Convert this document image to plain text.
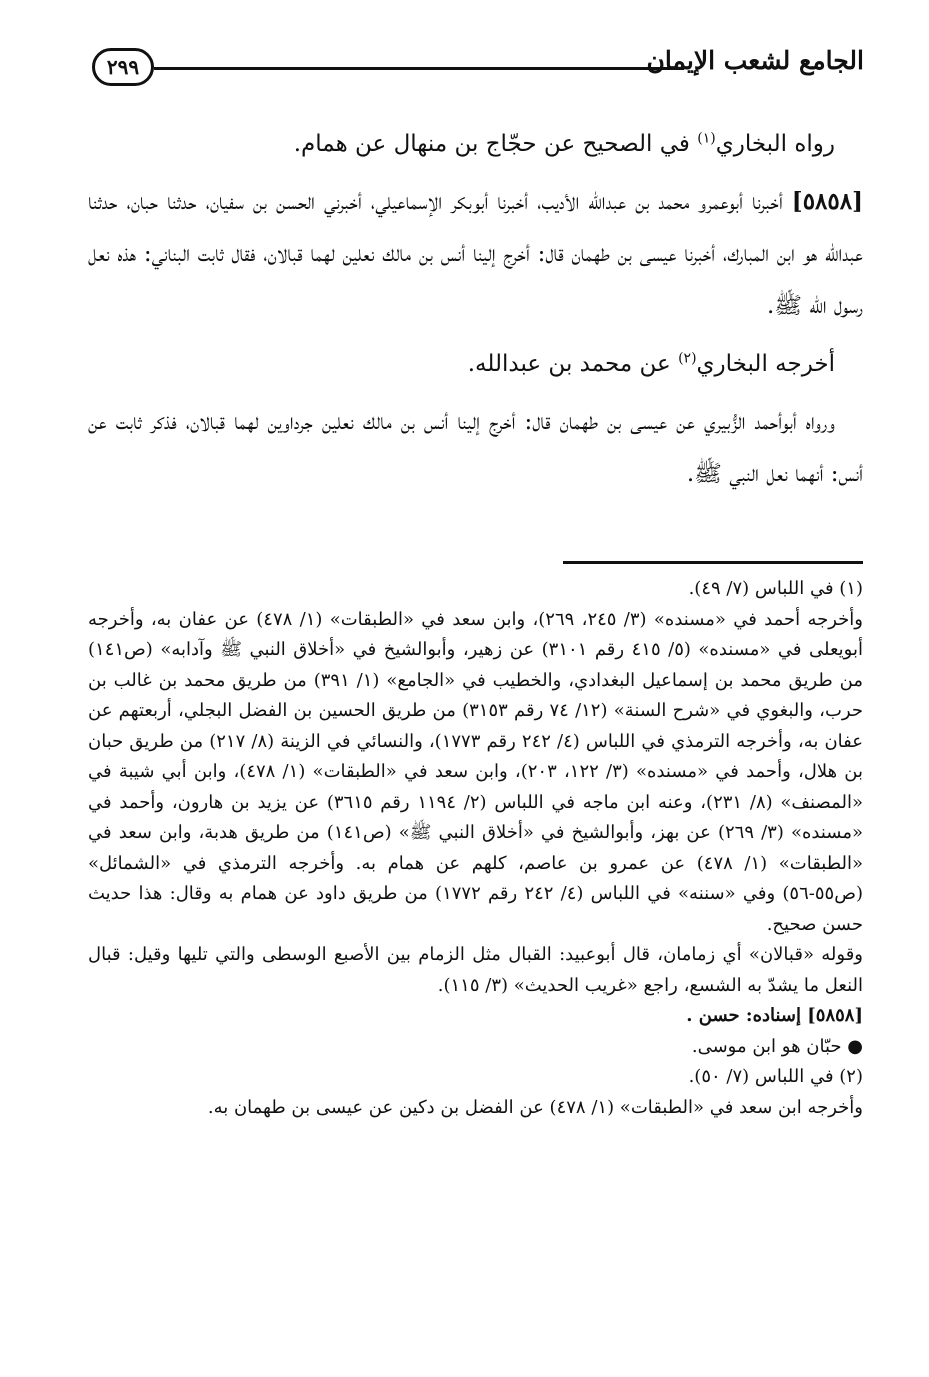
٢٩٩	الجامع لشعب الإيمان

رواه البخاري$^{(١)}$ في الصحيح عن حجّاج بن منهال عن همام.

[٥٨٥٨] أخبرنا أبوعمرو محمد بن عبدالله الأديب، أخبرنا أبوبكر الإسماعيلي، أخبرني الحسن بن سفيان، حدثنا حبان، حدثنا عبدالله هو ابن المبارك، أخبرنا عيسى بن طهمان قال: أخرج إلينا أنس بن مالك نعلين لهما قبالان، فقال ثابت البناني: هذه نعل رسول الله ﷺ.

أخرجه البخاري$^{(٢)}$ عن محمد بن عبدالله.

ورواه أبوأحمد الزُّبيري عن عيسى بن طهمان قال: أخرج إلينا أنس بن مالك نعلين جرداوين لهما قبالان، فذكر ثابت عن أنس: أنهما نعل النبي ﷺ.

(١) في اللباس (٧/ ٤٩).

وأخرجه أحمد في «مسنده» (٣/ ٢٤٥، ٢٦٩)، وابن سعد في «الطبقات» (١/ ٤٧٨) عن عفان به، وأخرجه أبويعلى في «مسنده» (٥/ ٤١٥ رقم ٣١٠١) عن زهير، وأبوالشيخ في «أخلاق النبي ﷺ وآدابه» (ص١٤١) من طريق محمد بن إسماعيل البغدادي، والخطيب في «الجامع» (١/ ٣٩١) من طريق محمد بن غالب بن حرب، والبغوي في «شرح السنة» (١٢/ ٧٤ رقم ٣١٥٣) من طريق الحسين بن الفضل البجلي، أربعتهم عن عفان به، وأخرجه الترمذي في اللباس (٤/ ٢٤٢ رقم ١٧٧٣)، والنسائي في الزينة (٨/ ٢١٧) من طريق حبان بن هلال، وأحمد في «مسنده» (٣/ ١٢٢، ٢٠٣)، وابن سعد في «الطبقات» (١/ ٤٧٨)، وابن أبي شيبة في «المصنف» (٨/ ٢٣١)، وعنه ابن ماجه في اللباس (٢/ ١١٩٤ رقم ٣٦١٥) عن يزيد بن هارون، وأحمد في «مسنده» (٣/ ٢٦٩) عن بهز، وأبوالشيخ في «أخلاق النبي ﷺ» (ص١٤١) من طريق هدبة، وابن سعد في «الطبقات» (١/ ٤٧٨) عن عمرو بن عاصم، كلهم عن همام به. وأخرجه الترمذي في «الشمائل» (ص٥٥-٥٦) وفي «سننه» في اللباس (٤/ ٢٤٢ رقم ١٧٧٢) من طريق داود عن همام به وقال: هذا حديث حسن صحيح.

وقوله «قبالان» أي زمامان، قال أبوعبيد: القبال مثل الزمام بين الأصبع الوسطى والتي تليها وقيل: قبال النعل ما يشدّ به الشسع، راجع «غريب الحديث» (٣/ ١١٥).

[٥٨٥٨] إسناده: حسن .

● حبّان هو ابن موسى.

(٢) في اللباس (٧/ ٥٠).

وأخرجه ابن سعد في «الطبقات» (١/ ٤٧٨) عن الفضل بن دكين عن عيسى بن طهمان به.
